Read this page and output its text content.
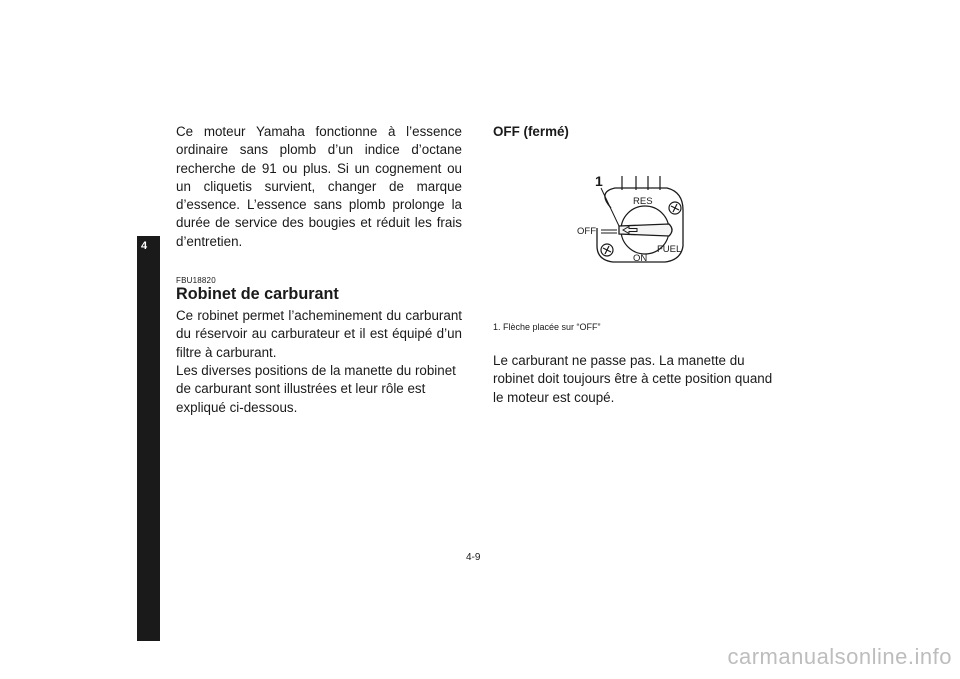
4

Ce moteur Yamaha fonctionne à l’essence ordinaire sans plomb d’un indice d’octane recherche de 91 ou plus. Si un cognement ou un cliquetis survient, changer de marque d’essence. L’essence sans plomb prolonge la durée de service des bougies et réduit les frais d’entretien.

FBU18820
Robinet de carburant

Ce robinet permet l’acheminement du carburant du réservoir au carburateur et il est équipé d’un filtre à carburant.

Les diverses positions de la manette du robinet de carburant sont illustrées et leur rôle est expliqué ci-dessous.

OFF (fermé)
1
OFF
RES
ON
FUEL
1. Flèche placée sur “OFF”

Le carburant ne passe pas. La manette du robinet doit toujours être à cette position quand le moteur est coupé.

4-9
carmanualsonline.info
